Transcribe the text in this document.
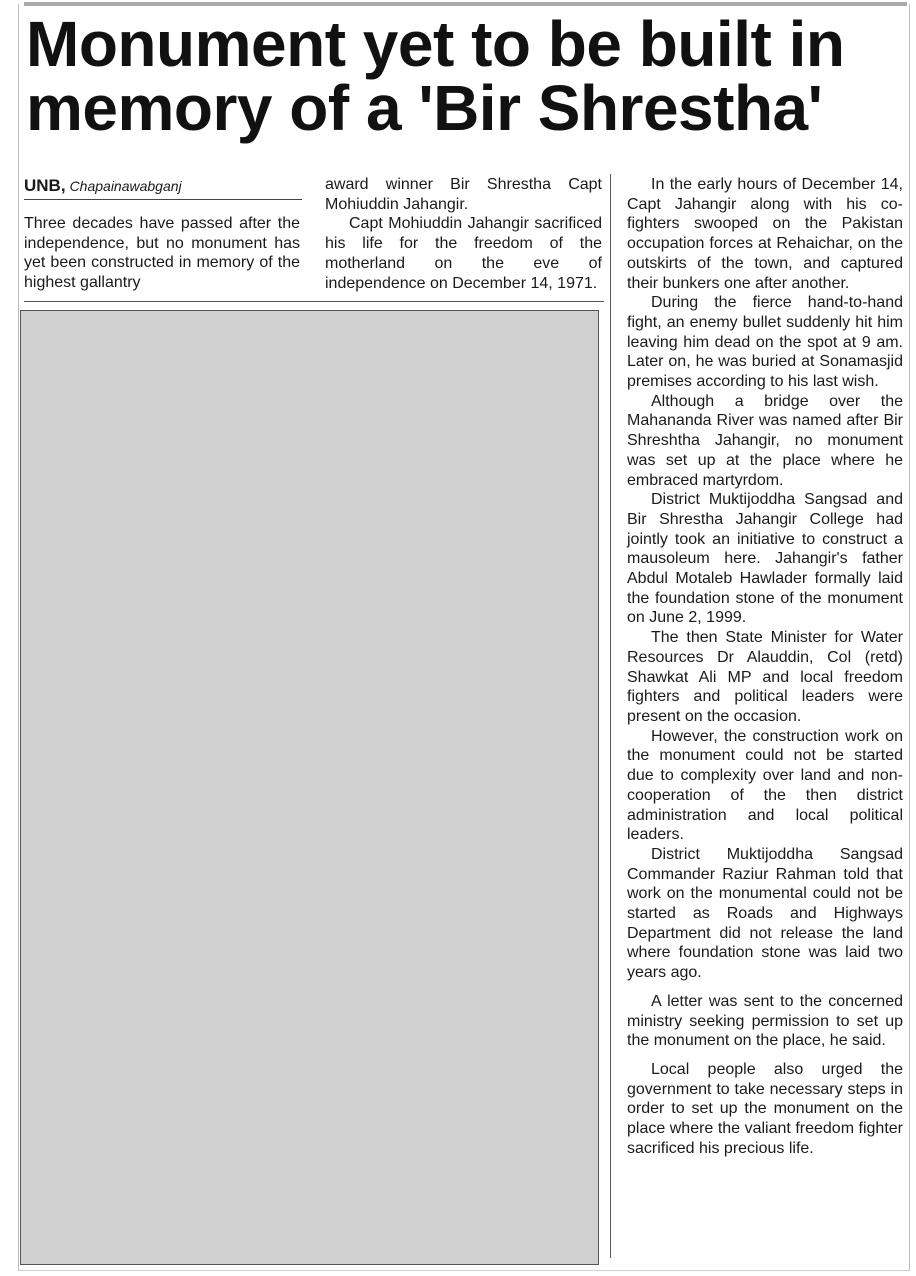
Monument yet to be built in
memory of a 'Bir Shrestha'
UNB, Chapainawabganj

Three decades have passed after the independence, but no monument has yet been constructed in memory of the highest gallantry

award winner Bir Shrestha Capt Mohiuddin Jahangir.

Capt Mohiuddin Jahangir sacrificed his life for the freedom of the motherland on the eve of independence on December 14, 1971.

In the early hours of December 14, Capt Jahangir along with his co-fighters swooped on the Pakistan occupation forces at Rehaichar, on the outskirts of the town, and captured their bunkers one after another.

During the fierce hand-to-hand fight, an enemy bullet suddenly hit him leaving him dead on the spot at 9 am. Later on, he was buried at Sonamasjid premises according to his last wish.

Although a bridge over the Mahananda River was named after Bir Shreshtha Jahangir, no monument was set up at the place where he embraced martyrdom.

District Muktijoddha Sangsad and Bir Shrestha Jahangir College had jointly took an initiative to construct a mausoleum here. Jahangir's father Abdul Motaleb Hawlader formally laid the foundation stone of the monument on June 2, 1999.

The then State Minister for Water Resources Dr Alauddin, Col (retd) Shawkat Ali MP and local freedom fighters and political leaders were present on the occasion.

However, the construction work on the monument could not be started due to complexity over land and non-cooperation of the then district administration and local political leaders.

District Muktijoddha Sangsad Commander Raziur Rahman told that work on the monumental could not be started as Roads and Highways Department did not release the land where foundation stone was laid two years ago.

A letter was sent to the concerned ministry seeking permission to set up the monument on the place, he said.

Local people also urged the government to take necessary steps in order to set up the monument on the place where the valiant freedom fighter sacrificed his precious life.
